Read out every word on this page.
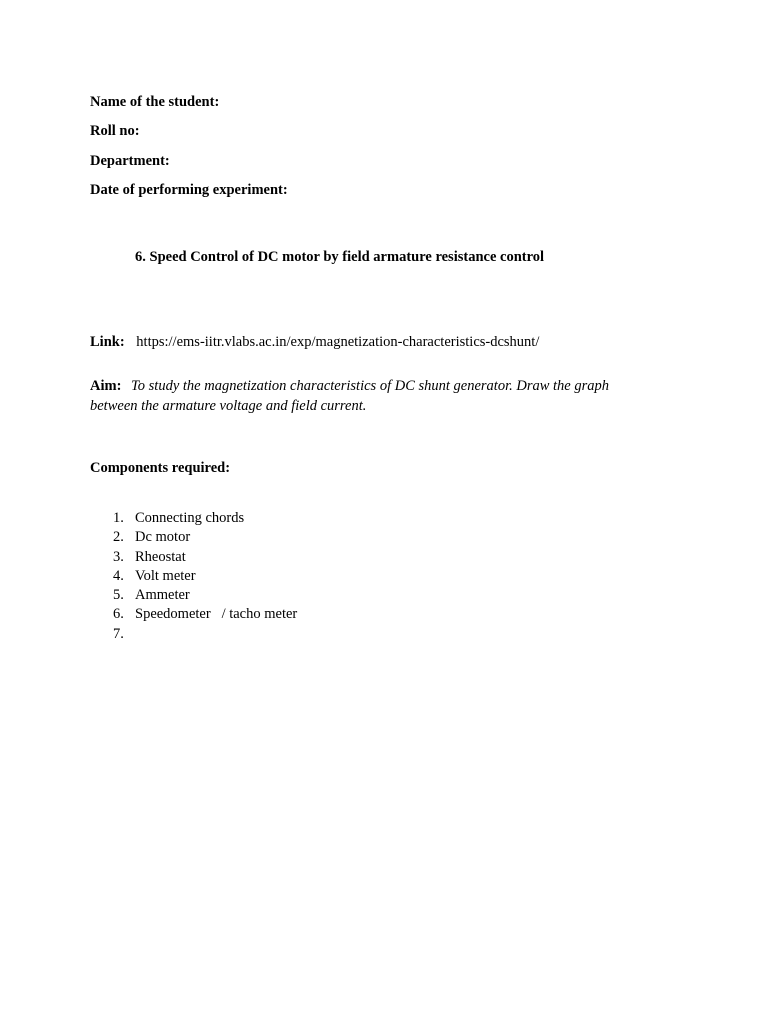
Name of the student:
Roll no:
Department:
Date of performing experiment:
6. Speed Control of DC motor by field armature resistance control
Link: https://ems-iitr.vlabs.ac.in/exp/magnetization-characteristics-dcshunt/
Aim: To study the magnetization characteristics of DC shunt generator. Draw the graph between the armature voltage and field current.
Components required:
1. Connecting chords
2. Dc motor
3. Rheostat
4. Volt meter
5. Ammeter
6. Speedometer   / tacho meter
7.
